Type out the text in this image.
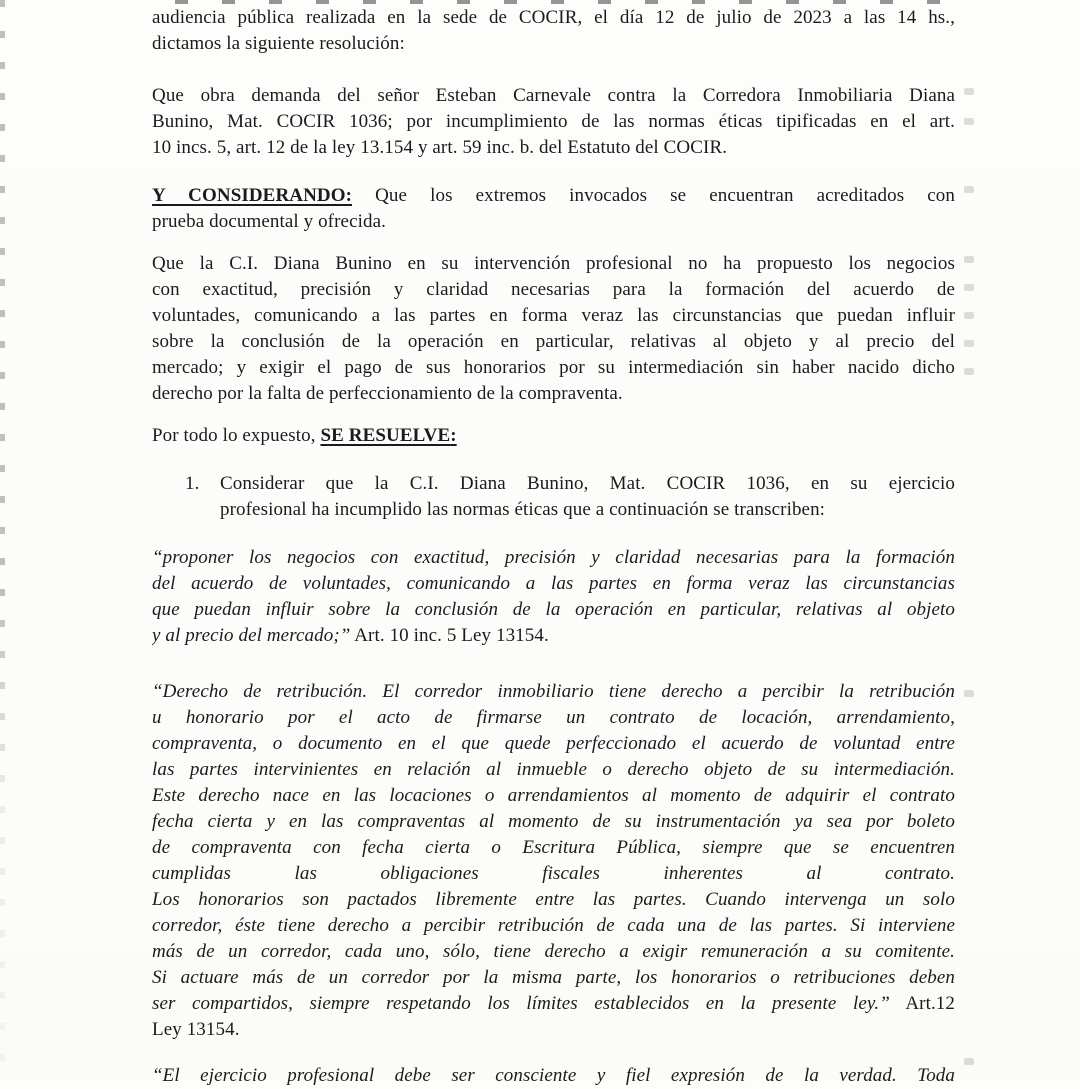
audiencia pública realizada en la sede de COCIR, el día 12 de julio de 2023 a las 14 hs.,
dictamos la siguiente resolución:
Que obra demanda del señor Esteban Carnevale contra la Corredora Inmobiliaria Diana
Bunino, Mat. COCIR 1036; por incumplimiento de las normas éticas tipificadas en el art.
10 incs. 5, art. 12 de la ley 13.154 y art. 59 inc. b. del Estatuto del COCIR.
Y CONSIDERANDO: Que los extremos invocados se encuentran acreditados con
prueba documental y ofrecida.
Que la C.I. Diana Bunino en su intervención profesional no ha propuesto los negocios
con exactitud, precisión y claridad necesarias para la formación del acuerdo de
voluntades, comunicando a las partes en forma veraz las circunstancias que puedan influir
sobre la conclusión de la operación en particular, relativas al objeto y al precio del
mercado; y exigir el pago de sus honorarios por su intermediación sin haber nacido dicho
derecho por la falta de perfeccionamiento de la compraventa.
Por todo lo expuesto, SE RESUELVE:
1. Considerar que la C.I. Diana Bunino, Mat. COCIR 1036, en su ejercicio
profesional ha incumplido las normas éticas que a continuación se transcriben:
“proponer los negocios con exactitud, precisión y claridad necesarias para la formación
del acuerdo de voluntades, comunicando a las partes en forma veraz las circunstancias
que puedan influir sobre la conclusión de la operación en particular, relativas al objeto
y al precio del mercado;” Art. 10 inc. 5 Ley 13154.
“Derecho de retribución. El corredor inmobiliario tiene derecho a percibir la retribución
u honorario por el acto de firmarse un contrato de locación, arrendamiento,
compraventa, o documento en el que quede perfeccionado el acuerdo de voluntad entre
las partes intervinientes en relación al inmueble o derecho objeto de su intermediación.
Este derecho nace en las locaciones o arrendamientos al momento de adquirir el contrato
fecha cierta y en las compraventas al momento de su instrumentación ya sea por boleto
de compraventa con fecha cierta o Escritura Pública, siempre que se encuentren
cumplidas las obligaciones fiscales inherentes al contrato.
Los honorarios son pactados libremente entre las partes. Cuando intervenga un solo
corredor, éste tiene derecho a percibir retribución de cada una de las partes. Si interviene
más de un corredor, cada uno, sólo, tiene derecho a exigir remuneración a su comitente.
Si actuare más de un corredor por la misma parte, los honorarios o retribuciones deben
ser compartidos, siempre respetando los límites establecidos en la presente ley.” Art.12
Ley 13154.
“El ejercicio profesional debe ser consciente y fiel expresión de la verdad. Toda
